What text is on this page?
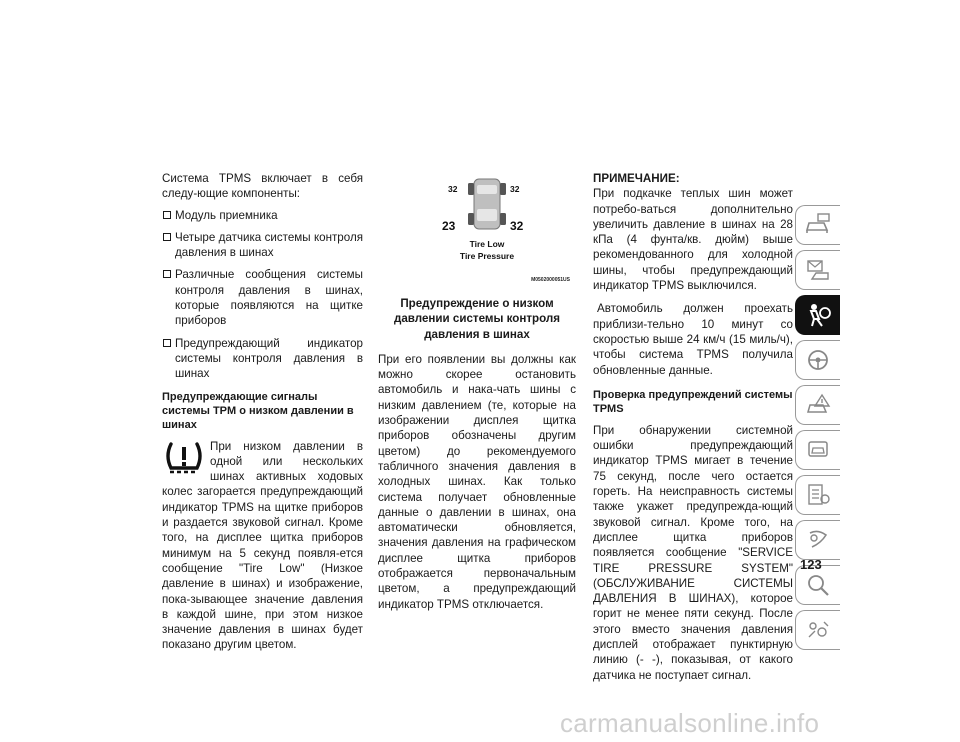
Система TPMS включает в себя следу-ющие компоненты:

Модуль приемника
Четыре датчика системы контроля давления в шинах
Различные сообщения системы контроля давления в шинах, которые появляются на щитке приборов
Предупреждающий индикатор системы контроля давления в шинах
Предупреждающие сигналы системы TPM о низком давлении в шинах

При низком давлении в одной или нескольких шинах активных ходовых колес загорается предупреждающий индикатор TPMS на щитке приборов и раздается звуковой сигнал. Кроме того, на дисплее щитка приборов минимум на 5 секунд появля-ется сообщение "Tire Low" (Низкое давление в шинах) и изображение, пока-зывающее значение давления в каждой шине, при этом низкое значение давления в шинах будет показано другим цветом.

32	32
23	32
Tire Low
Tire Pressure
M0502000051US

Предупреждение о низком давлении системы контроля давления в шинах

При его появлении вы должны как можно скорее остановить автомобиль и нака-чать шины с низким давлением (те, которые на изображении дисплея щитка приборов обозначены другим цветом) до рекомендуемого табличного значения давления в холодных шинах. Как только система получает обновленные данные о давлении в шинах, она автоматически обновляется, значения давления на графическом дисплее щитка приборов отображается первоначальным цветом, а предупреждающий индикатор TPMS отключается.

ПРИМЕЧАНИЕ:

При подкачке теплых шин может потребо-ваться дополнительно увеличить давление в шинах на 28 кПа (4 фунта/кв. дюйм) выше рекомендованного для холодной шины, чтобы предупреждающий индикатор TPMS выключился.

Автомобиль должен проехать приблизи-тельно 10 минут со скоростью выше 24 км/ч (15 миль/ч), чтобы система TPMS получила обновленные данные.

Проверка предупреждений системы TPMS

При обнаружении системной ошибки предупреждающий индикатор TPMS мигает в течение 75 секунд, после чего остается гореть. На неисправность системы также укажет предупрежда-ющий звуковой сигнал. Кроме того, на дисплее щитка приборов появляется сообщение "SERVICE TIRE PRESSURE SYSTEM" (ОБСЛУЖИВАНИЕ СИСТЕМЫ ДАВЛЕНИЯ В ШИНАХ), которое горит не менее пяти секунд. После этого вместо значения давления дисплей отображает пунктирную линию (- -), показывая, от какого датчика не поступает сигнал.

123
carmanualsonline.info
